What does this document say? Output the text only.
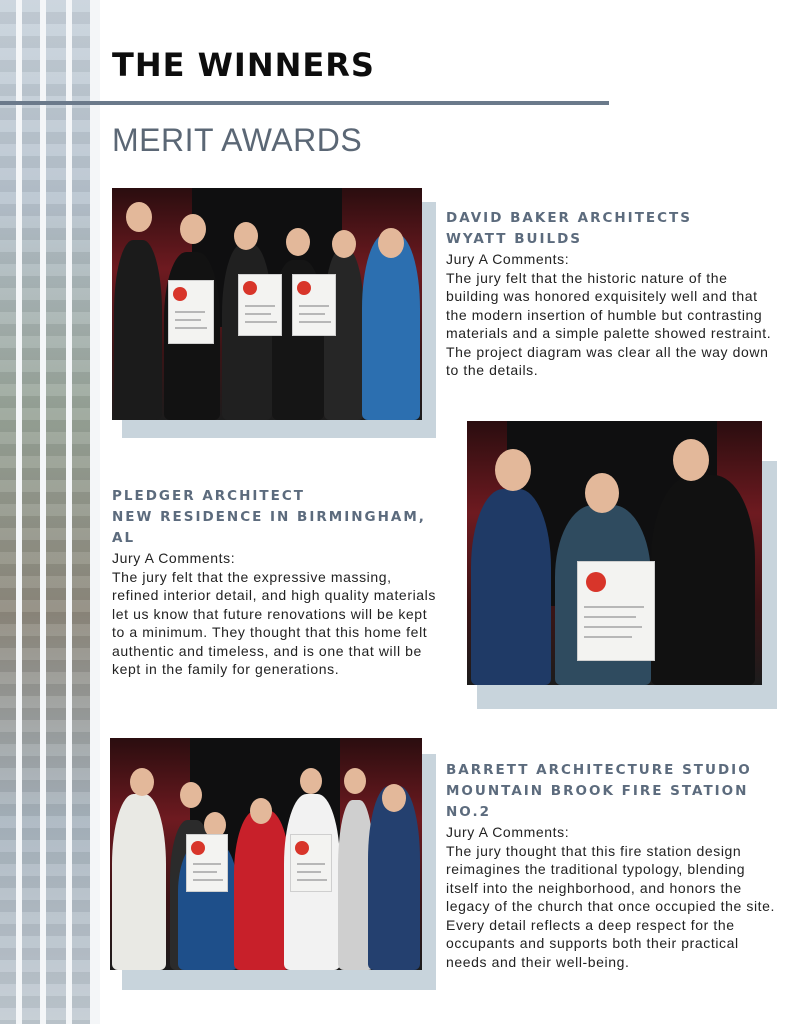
THE WINNERS
MERIT AWARDS
DAVID BAKER ARCHITECTS
WYATT BUILDS
Jury A Comments:
The jury felt that the historic nature of the building was honored exquisitely well and that the modern insertion of humble but contrasting materials and a simple palette showed restraint. The project diagram was clear all the way down to the details.
PLEDGER ARCHITECT
NEW RESIDENCE IN BIRMINGHAM, AL
Jury A Comments:
The jury felt that the expressive massing, refined interior detail, and high quality materials let us know that future renovations will be kept to a minimum. They thought that this home felt authentic and timeless, and is one that will be kept in the family for generations.
BARRETT ARCHITECTURE STUDIO
MOUNTAIN BROOK FIRE STATION NO.2
Jury A Comments:
The jury thought that this fire station design reimagines the traditional typology, blending itself into the neighborhood, and honors the legacy of the church that once occupied the site. Every detail reflects a deep respect for the occupants and supports both their practical needs and their well-being.
